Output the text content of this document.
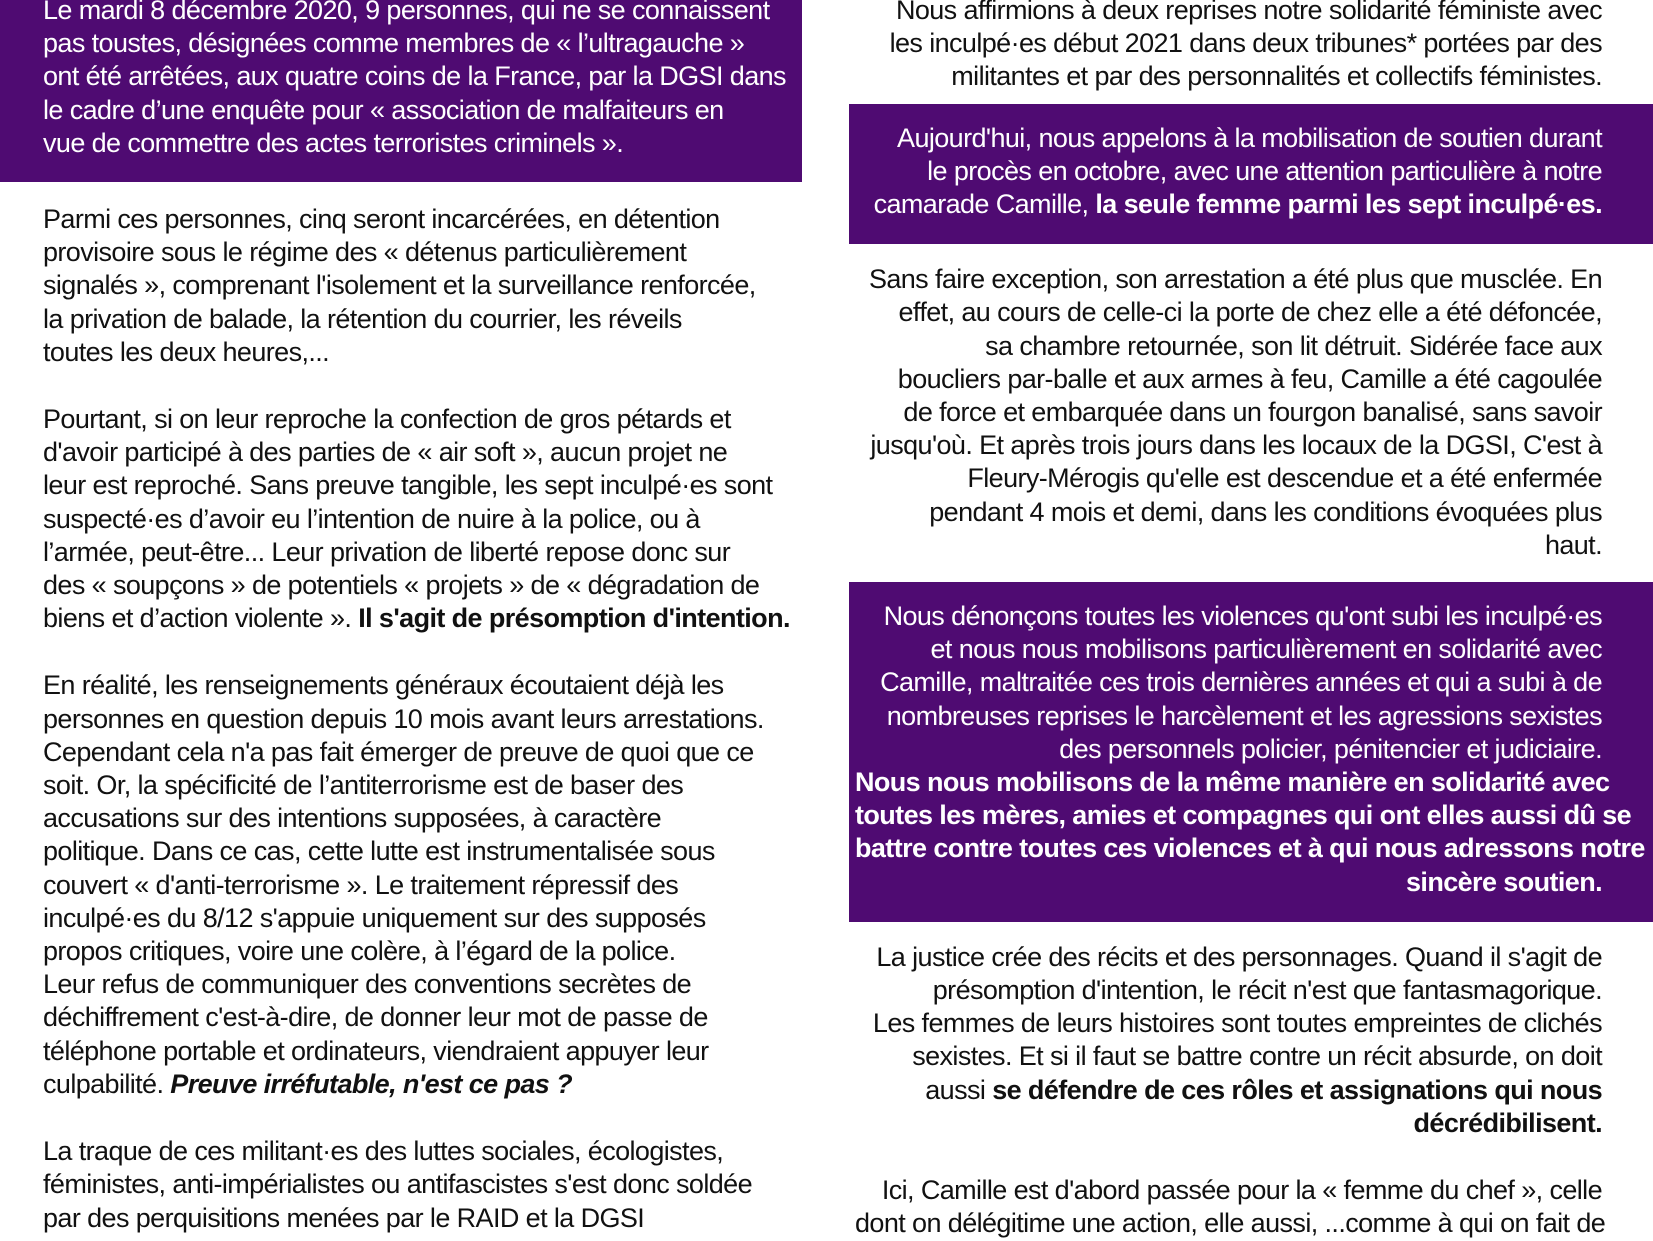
Le mardi 8 décembre 2020, 9 personnes, qui ne se connaissent
pas toustes, désignées comme membres de « l’ultragauche »
ont été arrêtées, aux quatre coins de la France, par la DGSI dans
le cadre d’une enquête pour « association de malfaiteurs en
vue de commettre des actes terroristes criminels ».
Parmi ces personnes, cinq seront incarcérées, en détention
provisoire sous le régime des « détenus particulièrement
signalés », comprenant l'isolement et la surveillance renforcée,
la privation de balade, la rétention du courrier, les réveils
toutes les deux heures,...
Pourtant, si on leur reproche la confection de gros pétards et
d'avoir participé à des parties de « air soft », aucun projet ne
leur est reproché. Sans preuve tangible, les sept inculpé·es sont
suspecté·es d’avoir eu l’intention de nuire à la police, ou à
l’armée, peut-être... Leur privation de liberté repose donc sur
des « soupçons » de potentiels « projets » de « dégradation de
biens et d’action violente ». Il s'agit de présomption d'intention.
En réalité, les renseignements généraux écoutaient déjà les
personnes en question depuis 10 mois avant leurs arrestations.
Cependant cela n'a pas fait émerger de preuve de quoi que ce
soit. Or, la spécificité de l’antiterrorisme est de baser des
accusations sur des intentions supposées, à caractère
politique. Dans ce cas, cette lutte est instrumentalisée sous
couvert « d'anti-terrorisme ». Le traitement répressif des
inculpé·es du 8/12 s'appuie uniquement sur des supposés
propos critiques, voire une colère, à l’égard de la police.
Leur refus de communiquer des conventions secrètes de
déchiffrement c'est-à-dire, de donner leur mot de passe de
téléphone portable et ordinateurs, viendraient appuyer leur
culpabilité. Preuve irréfutable, n'est ce pas ?
La traque de ces militant·es des luttes sociales, écologistes,
féministes, anti-impérialistes ou antifascistes s'est donc soldée
par des perquisitions menées par le RAID et la DGSI
Nous affirmions à deux reprises notre solidarité féministe avec
les inculpé·es début 2021 dans deux tribunes* portées par des
militantes et par des personnalités et collectifs féministes.
Aujourd'hui, nous appelons à la mobilisation de soutien durant
le procès en octobre, avec une attention particulière à notre
camarade Camille, la seule femme parmi les sept inculpé·es.
Sans faire exception, son arrestation a été plus que musclée. En
effet, au cours de celle-ci la porte de chez elle a été défoncée,
sa chambre retournée, son lit détruit. Sidérée face aux
boucliers par-balle et aux armes à feu, Camille a été cagoulée
de force et embarquée dans un fourgon banalisé, sans savoir
jusqu'où. Et après trois jours dans les locaux de la DGSI, C'est à
Fleury-Mérogis qu'elle est descendue et a été enfermée
pendant 4 mois et demi, dans les conditions évoquées plus
haut.
Nous dénonçons toutes les violences qu'ont subi les inculpé·es
et nous nous mobilisons particulièrement en solidarité avec
Camille, maltraitée ces trois dernières années et qui a subi à de
nombreuses reprises le harcèlement et les agressions sexistes
des personnels policier, pénitencier et judiciaire.
Nous nous mobilisons de la même manière en solidarité avec
toutes les mères, amies et compagnes qui ont elles aussi dû se
battre contre toutes ces violences et à qui nous adressons notre
sincère soutien.
La justice crée des récits et des personnages. Quand il s'agit de
présomption d'intention, le récit n'est que fantasmagorique.
Les femmes de leurs histoires sont toutes empreintes de clichés
sexistes. Et si il faut se battre contre un récit absurde, on doit
aussi se défendre de ces rôles et assignations qui nous
décrédibilisent.
Ici, Camille est d'abord passée pour la « femme du chef », celle
dont on délégitime une action, elle aussi, ...comme à qui on fait de
